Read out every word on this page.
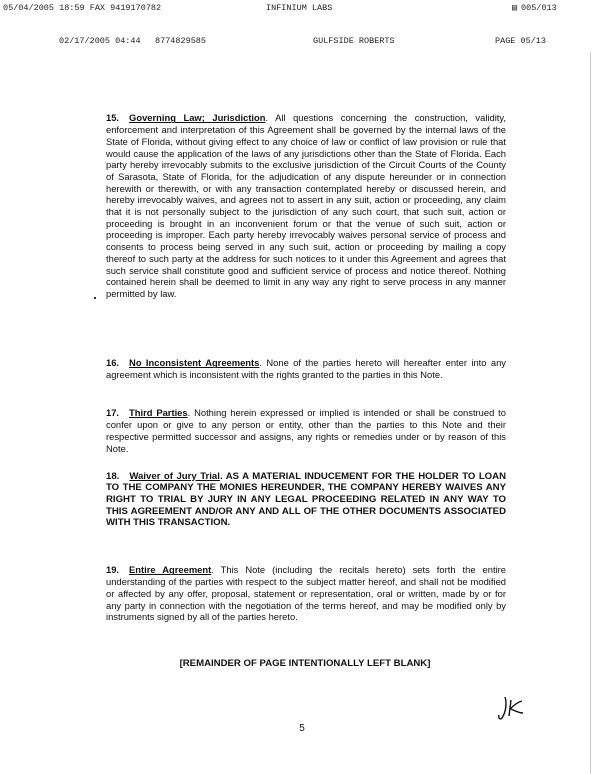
05/04/2005 18:59 FAX 9419170782

	INFINIUM LABS

	▤

005/013

02/17/2005 04:44

8774829585

	GULFSIDE ROBERTS

	PAGE 05/13

15. Governing Law; Jurisdiction. All questions concerning the construction, validity, enforcement and interpretation of this Agreement shall be governed by the internal laws of the State of Florida, without giving effect to any choice of law or conflict of law provision or rule that would cause the application of the laws of any jurisdictions other than the State of Florida. Each party hereby irrevocably submits to the exclusive jurisdiction of the Circuit Courts of the County of Sarasota, State of Florida, for the adjudication of any dispute hereunder or in connection herewith or therewith, or with any transaction contemplated hereby or discussed herein, and hereby irrevocably waives, and agrees not to assert in any suit, action or proceeding, any claim that it is not personally subject to the jurisdiction of any such court, that such suit, action or proceeding is brought in an inconvenient forum or that the venue of such suit, action or proceeding is improper. Each party hereby irrevocably waives personal service of process and consents to process being served in any such suit, action or proceeding by mailing a copy thereof to such party at the address for such notices to it under this Agreement and agrees that such service shall constitute good and sufficient service of process and notice thereof. Nothing contained herein shall be deemed to limit in any way any right to serve process in any manner permitted by law.

16. No Inconsistent Agreements. None of the parties hereto will hereafter enter into any agreement which is inconsistent with the rights granted to the parties in this Note.

17. Third Parties. Nothing herein expressed or implied is intended or shall be construed to confer upon or give to any person or entity, other than the parties to this Note and their respective permitted successor and assigns, any rights or remedies under or by reason of this Note.

18. Waiver of Jury Trial. AS A MATERIAL INDUCEMENT FOR THE HOLDER TO LOAN TO THE COMPANY THE MONIES HEREUNDER, THE COMPANY HEREBY WAIVES ANY RIGHT TO TRIAL BY JURY IN ANY LEGAL PROCEEDING RELATED IN ANY WAY TO THIS AGREEMENT AND/OR ANY AND ALL OF THE OTHER DOCUMENTS ASSOCIATED WITH THIS TRANSACTION.

19. Entire Agreement. This Note (including the recitals hereto) sets forth the entire understanding of the parties with respect to the subject matter hereof, and shall not be modified or affected by any offer, proposal, statement or representation, oral or written, made by or for any party in connection with the negotiation of the terms hereof, and may be modified only by instruments signed by all of the parties hereto.

[REMAINDER OF PAGE INTENTIONALLY LEFT BLANK]
5
